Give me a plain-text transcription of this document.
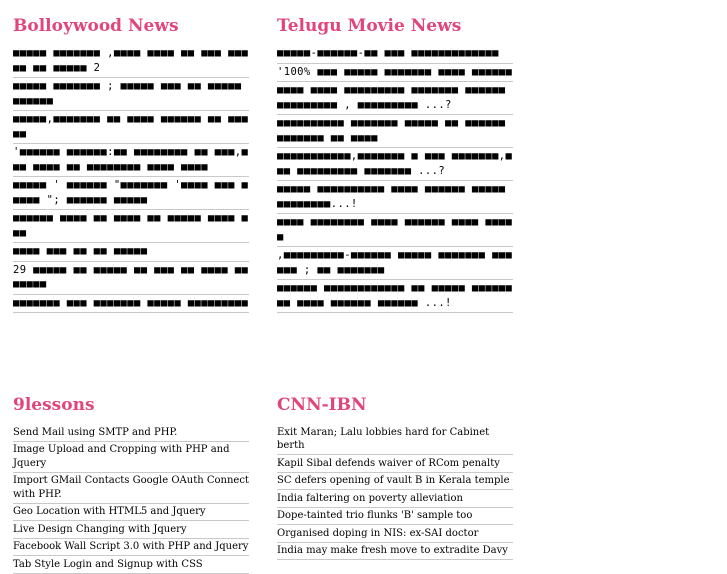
Bolloywood News
■■■■■ ■■■■■■■ ,■■■■ ■■■■ ■■ ■■■ ■■■■■ ■■ ■■■■■ 2
■■■■■ ■■■■■■■ ; ■■■■■ ■■■ ■■ ■■■■■ ■■■■■■
■■■■■,■■■■■■■ ■■ ■■■■ ■■■■■■ ■■ ■■■■■
'■■■■■■ ■■■■■■:■■ ■■■■■■■■ ■■ ■■■,■■■ ■■■■ ■■ ■■■■■■■■ ■■■■ ■■■■
■■■■■ ' ■■■■■■ "■■■■■■■ '■■■■ ■■■ ■■■■■ "; ■■■■■■ ■■■■■
■■■■■■ ■■■■ ■■ ■■■■ ■■ ■■■■■ ■■■■ ■■■
■■■■ ■■■ ■■ ■■ ■■■■■
29 ■■■■■ ■■ ■■■■■ ■■ ■■■ ■■ ■■■■ ■■ ■■■■■
■■■■■■■ ■■■ ■■■■■■■ ■■■■■ ■■■■■■■■■
Telugu Movie News
■■■■■-■■■■■■-■■ ■■■ ■■■■■■■■■■■■■
'100% ■■■ ■■■■■ ■■■■■■■ ■■■■ ■■■■■■
■■■■ ■■■■ ■■■■■■■■■ ■■■■■■■ ■■■■■■ ■■■■■■■■■ , ■■■■■■■■■ ...?
■■■■■■■■■■ ■■■■■■■ ■■■■■ ■■ ■■■■■■ ■■■■■■■ ■■ ■■■■
■■■■■■■■■■■,■■■■■■■ ■ ■■■ ■■■■■■■,■■■ ■■■■■■■■■ ■■■■■■■ ...?
■■■■■ ■■■■■■■■■■ ■■■■ ■■■■■■ ■■■■■ ■■■■■■■■...!
■■■■ ■■■■■■■■ ■■■■ ■■■■■■ ■■■■ ■■■■■
,■■■■■■■■■-■■■■■■ ■■■■■ ■■■■■■■ ■■■■■■ ; ■■ ■■■■■■■
■■■■■■ ■■■■■■■■■■■■ ■■ ■■■■■ ■■■■■■■■ ■■■■ ■■■■■■ ■■■■■■ ...!
9lessons
Send Mail using SMTP and PHP.
Image Upload and Cropping with PHP and Jquery
Import GMail Contacts Google OAuth Connect with PHP.
Geo Location with HTML5 and Jquery
Live Design Changing with Jquery
Facebook Wall Script 3.0 with PHP and Jquery
Tab Style Login and Signup with CSS
CNN-IBN
Exit Maran; Lalu lobbies hard for Cabinet berth
Kapil Sibal defends waiver of RCom penalty
SC defers opening of vault B in Kerala temple
India faltering on poverty alleviation
Dope-tainted trio flunks 'B' sample too
Organised doping in NIS: ex-SAI doctor
India may make fresh move to extradite Davy
